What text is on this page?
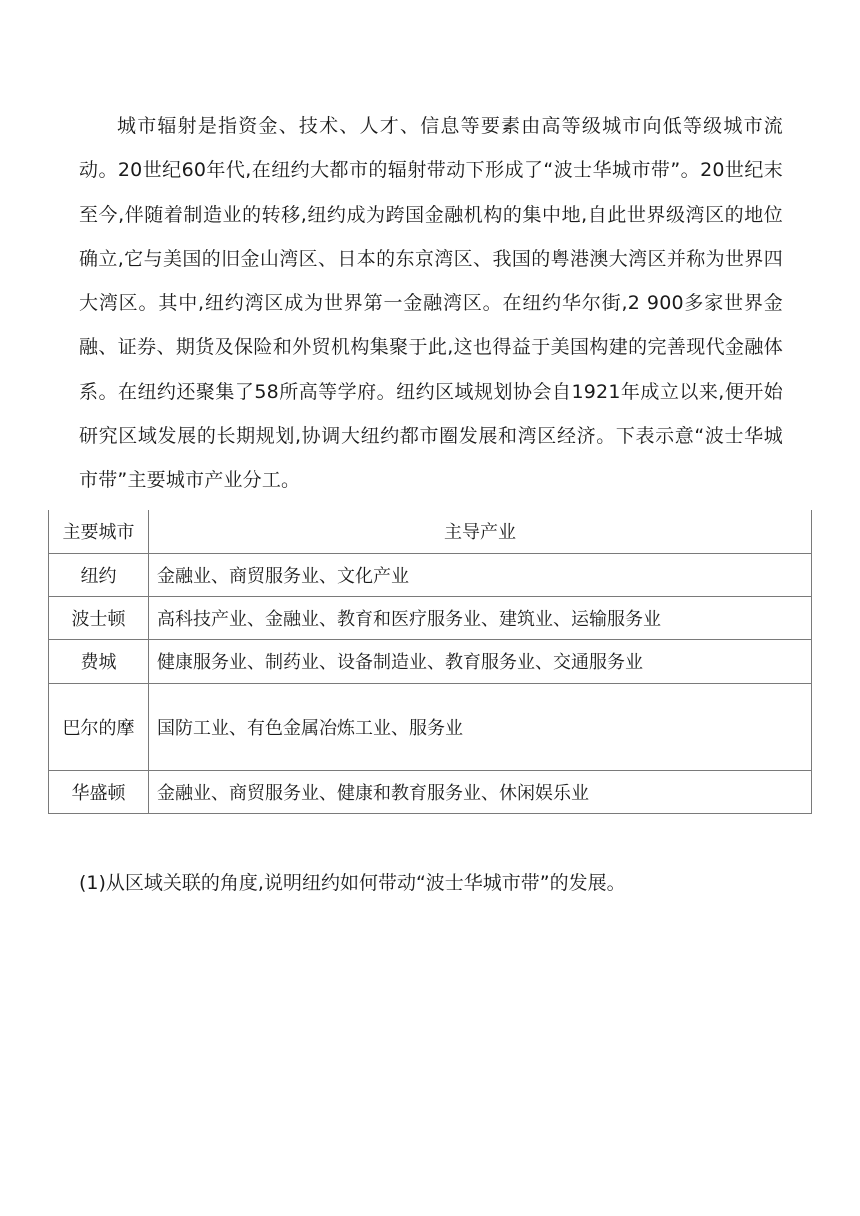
城市辐射是指资金、技术、人才、信息等要素由高等级城市向低等级城市流动。20世纪60年代,在纽约大都市的辐射带动下形成了“波士华城市带”。20世纪末至今,伴随着制造业的转移,纽约成为跨国金融机构的集中地,自此世界级湾区的地位确立,它与美国的旧金山湾区、日本的东京湾区、我国的粤港澳大湾区并称为世界四大湾区。其中,纽约湾区成为世界第一金融湾区。在纽约华尔街,2 900多家世界金融、证券、期货及保险和外贸机构集聚于此,这也得益于美国构建的完善现代金融体系。在纽约还聚集了58所高等学府。纽约区域规划协会自1921年成立以来,便开始研究区域发展的长期规划,协调大纽约都市圈发展和湾区经济。下表示意“波士华城市带”主要城市产业分工。

主要城市	主导产业
纽约	金融业、商贸服务业、文化产业
波士顿	高科技产业、金融业、教育和医疗服务业、建筑业、运输服务业
费城	健康服务业、制药业、设备制造业、教育服务业、交通服务业
巴尔的摩	国防工业、有色金属冶炼工业、服务业
华盛顿	金融业、商贸服务业、健康和教育服务业、休闲娱乐业
(1)从区域关联的角度,说明纽约如何带动“波士华城市带”的发展。
